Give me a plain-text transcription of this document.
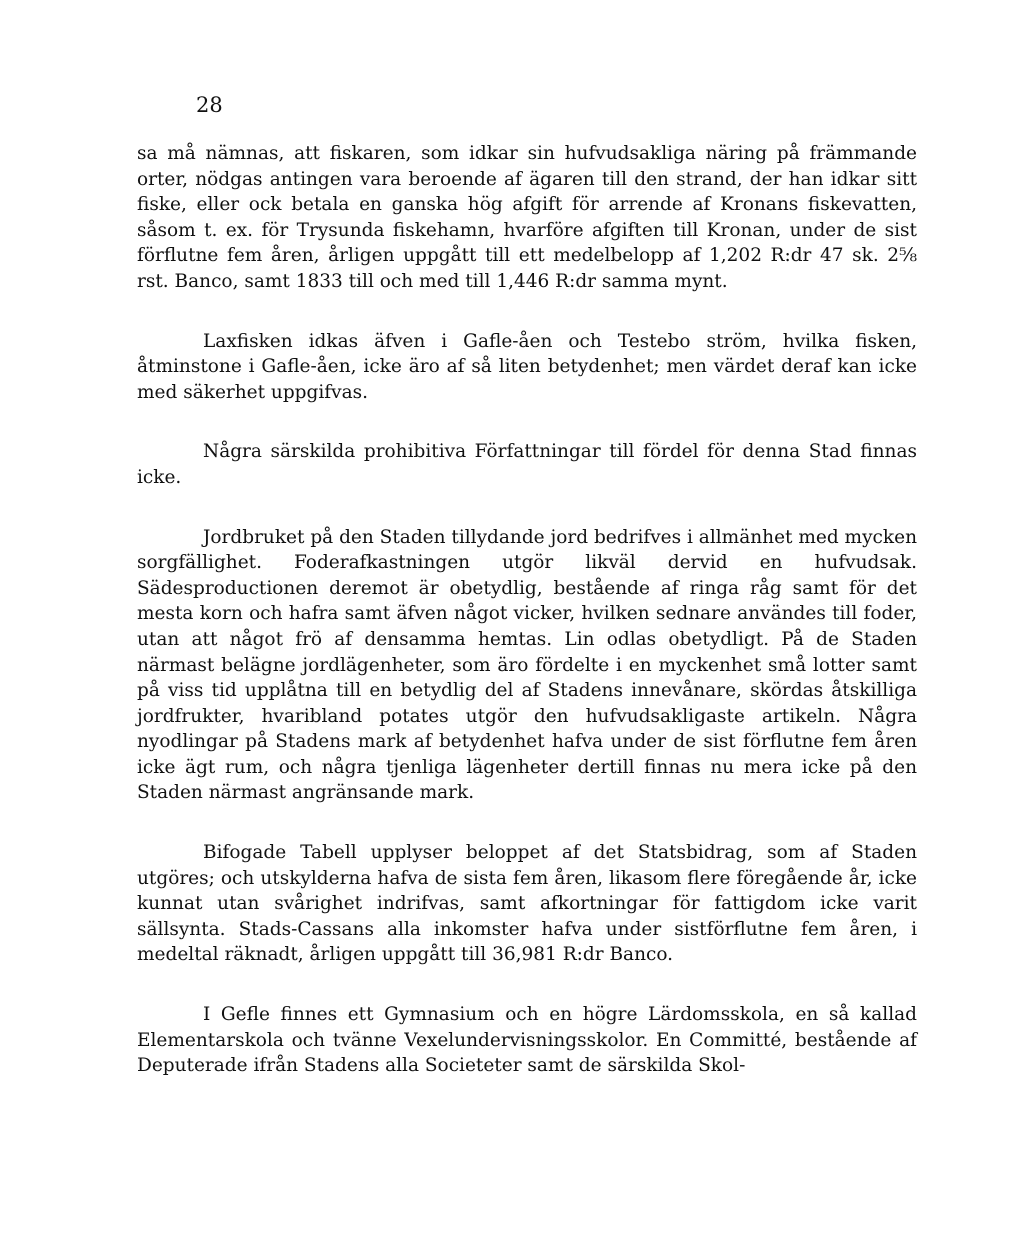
28

sa må nämnas, att fiskaren, som idkar sin hufvudsakliga näring på främmande orter, nödgas antingen vara beroende af ägaren till den strand, der han idkar sitt fiske, eller ock betala en ganska hög afgift för arrende af Kronans fiskevatten, såsom t. ex. för Trysunda fiskehamn, hvarföre afgiften till Kronan, under de sist förflutne fem åren, årligen uppgått till ett medelbelopp af 1,202 R:dr 47 sk. 2⅝ rst. Banco, samt 1833 till och med till 1,446 R:dr samma mynt.

Laxfisken idkas äfven i Gafle-åen och Testebo ström, hvilka fisken, åtminstone i Gafle-åen, icke äro af så liten betydenhet; men värdet deraf kan icke med säkerhet uppgifvas.

Några särskilda prohibitiva Författningar till fördel för denna Stad finnas icke.

Jordbruket på den Staden tillydande jord bedrifves i allmänhet med mycken sorgfällighet. Foderafkastningen utgör likväl dervid en hufvudsak. Sädesproductionen deremot är obetydlig, bestående af ringa råg samt för det mesta korn och hafra samt äfven något vicker, hvilken sednare användes till foder, utan att något frö af densamma hemtas. Lin odlas obetydligt. På de Staden närmast belägne jordlägenheter, som äro fördelte i en myckenhet små lotter samt på viss tid upplåtna till en betydlig del af Stadens innevånare, skördas åtskilliga jordfrukter, hvaribland potates utgör den hufvudsakligaste artikeln. Några nyodlingar på Stadens mark af betydenhet hafva under de sist förflutne fem åren icke ägt rum, och några tjenliga lägenheter dertill finnas nu mera icke på den Staden närmast angränsande mark.

Bifogade Tabell upplyser beloppet af det Statsbidrag, som af Staden utgöres; och utskylderna hafva de sista fem åren, likasom flere föregående år, icke kunnat utan svårighet indrifvas, samt afkortningar för fattigdom icke varit sällsynta. Stads-Cassans alla inkomster hafva under sistförflutne fem åren, i medeltal räknadt, årligen uppgått till 36,981 R:dr Banco.

I Gefle finnes ett Gymnasium och en högre Lärdomsskola, en så kallad Elementarskola och tvänne Vexelundervisningsskolor. En Committé, bestående af Deputerade ifrån Stadens alla Societeter samt de särskilda Skol-
